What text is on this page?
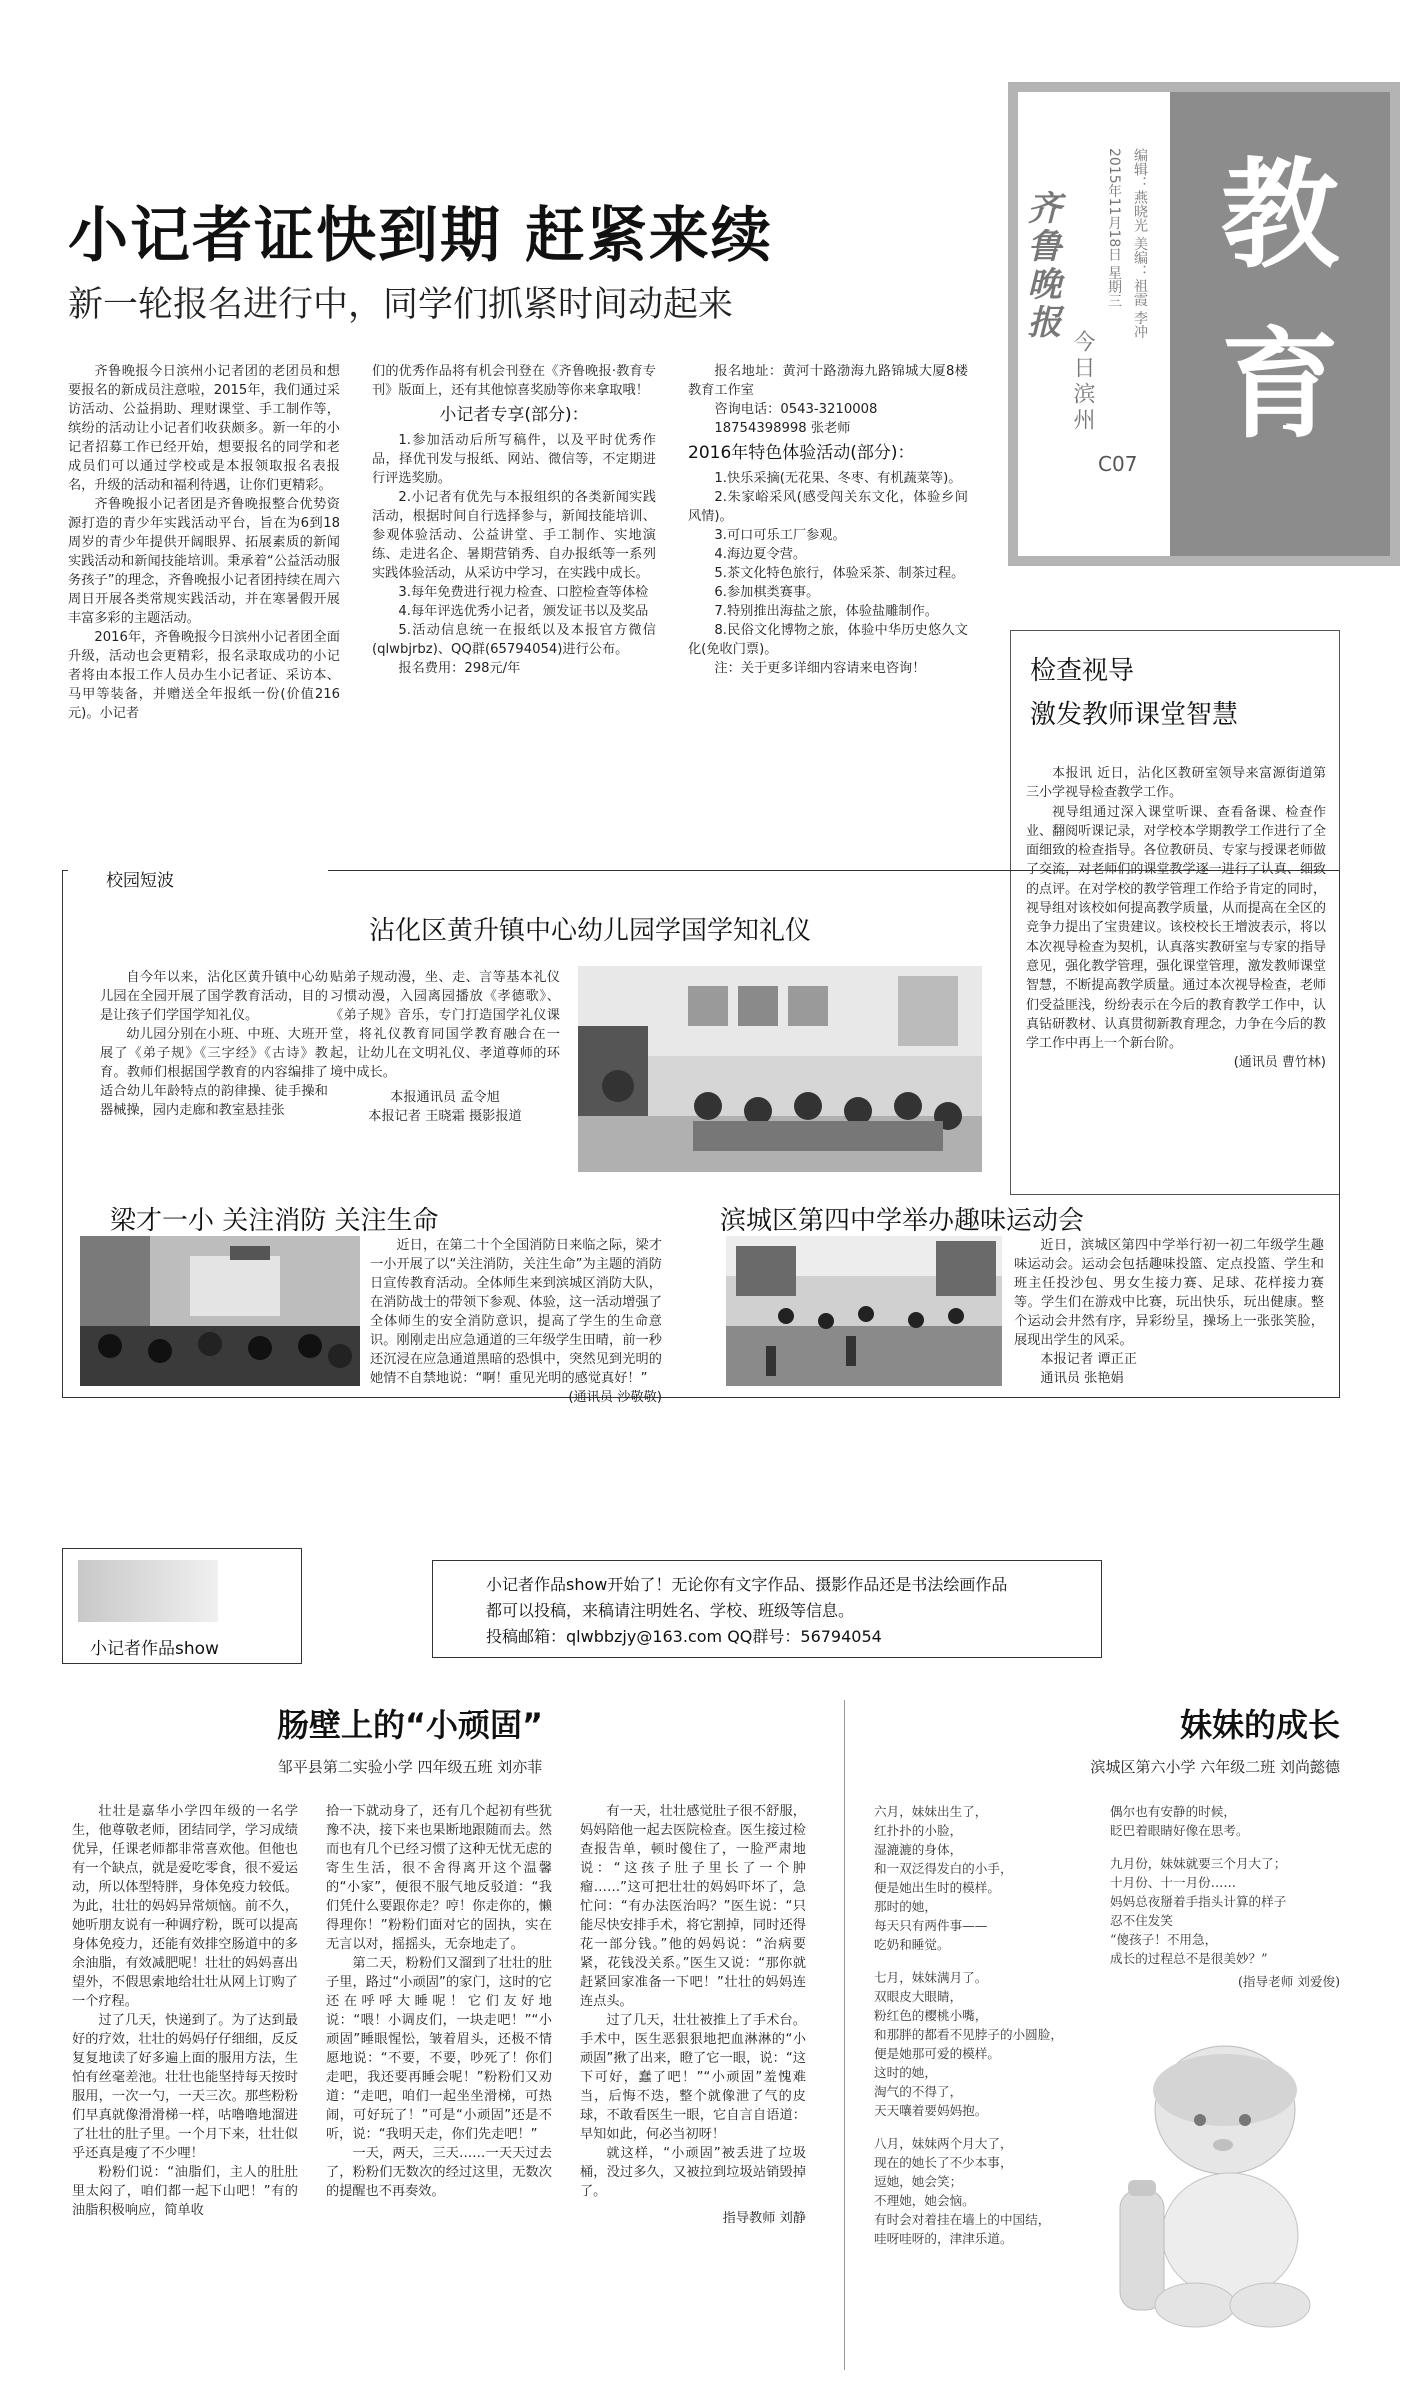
教
育
齐鲁晚报
今日滨州
2015年11月18日 星期三 编辑：燕晓光 美编：祖霞 李冲
C07
小记者证快到期 赶紧来续
新一轮报名进行中，同学们抓紧时间动起来

齐鲁晚报今日滨州小记者团的老团员和想要报名的新成员注意啦，2015年，我们通过采访活动、公益捐助、理财课堂、手工制作等，缤纷的活动让小记者们收获颇多。新一年的小记者招募工作已经开始，想要报名的同学和老成员们可以通过学校或是本报领取报名表报名，升级的活动和福利待遇，让你们更精彩。

齐鲁晚报小记者团是齐鲁晚报整合优势资源打造的青少年实践活动平台，旨在为6到18周岁的青少年提供开阔眼界、拓展素质的新闻实践活动和新闻技能培训。秉承着“公益活动服务孩子”的理念，齐鲁晚报小记者团持续在周六周日开展各类常规实践活动，并在寒暑假开展丰富多彩的主题活动。

2016年，齐鲁晚报今日滨州小记者团全面升级，活动也会更精彩，报名录取成功的小记者将由本报工作人员办生小记者证、采访本、马甲等装备，并赠送全年报纸一份(价值216元)。小记者

们的优秀作品将有机会刊登在《齐鲁晚报·教育专刊》版面上，还有其他惊喜奖励等你来拿取哦！

小记者专享(部分)：

1.参加活动后所写稿件，以及平时优秀作品，择优刊发与报纸、网站、微信等，不定期进行评选奖励。

2.小记者有优先与本报组织的各类新闻实践活动，根据时间自行选择参与，新闻技能培训、参观体验活动、公益讲堂、手工制作、实地演练、走进名企、暑期营销秀、自办报纸等一系列实践体验活动，从采访中学习，在实践中成长。

3.每年免费进行视力检查、口腔检查等体检

4.每年评选优秀小记者，颁发证书以及奖品

5.活动信息统一在报纸以及本报官方微信(qlwbjrbz)、QQ群(65794054)进行公布。

报名费用：298元/年

报名地址：黄河十路渤海九路锦城大厦8楼教育工作室

咨询电话：0543-3210008

18754398998 张老师

2016年特色体验活动(部分)：

1.快乐采摘(无花果、冬枣、有机蔬菜等)。

2.朱家峪采风(感受闯关东文化，体验乡间风情)。

3.可口可乐工厂参观。

4.海边夏令营。

5.茶文化特色旅行，体验采茶、制茶过程。

6.参加棋类赛事。

7.特别推出海盐之旅，体验盐雕制作。

8.民俗文化博物之旅，体验中华历史悠久文化(免收门票)。

注：关于更多详细内容请来电咨询！	检查视导
激发教师课堂智慧

本报讯 近日，沾化区教研室领导来富源街道第三小学视导检查教学工作。

视导组通过深入课堂听课、查看备课、检查作业、翻阅听课记录，对学校本学期教学工作进行了全面细致的检查指导。各位教研员、专家与授课老师做了交流，对老师们的课堂教学逐一进行了认真、细致的点评。在对学校的教学管理工作给予肯定的同时，视导组对该校如何提高教学质量，从而提高在全区的竞争力提出了宝贵建议。该校校长王增波表示，将以本次视导检查为契机，认真落实教研室与专家的指导意见，强化教学管理，强化课堂管理，激发教师课堂智慧，不断提高教学质量。通过本次视导检查，老师们受益匪浅，纷纷表示在今后的教育教学工作中，认真钻研教材、认真贯彻新教育理念，力争在今后的教学工作中再上一个新台阶。

(通讯员 曹竹林)

校园短波
沾化区黄升镇中心幼儿园学国学知礼仪

自今年以来，沾化区黄升镇中心幼儿园在全园开展了国学教育活动，目的是让孩子们学国学知礼仪。

幼儿园分别在小班、中班、大班开展了《弟子规》《三字经》《古诗》教育。教师们根据国学教育的内容编排了适合幼儿年龄特点的韵律操、徒手操和器械操，园内走廊和教室悬挂张

贴弟子规动漫，坐、走、言等基本礼仪习惯动漫，入园离园播放《孝德歌》、《弟子规》音乐，专门打造国学礼仪课堂，将礼仪教育同国学教育融合在一起，让幼儿在文明礼仪、孝道尊师的环境中成长。

本报通讯员 孟令旭

本报记者 王晓霜 摄影报道

梁才一小 关注消防 关注生命

近日，在第二十个全国消防日来临之际，梁才一小开展了以“关注消防，关注生命”为主题的消防日宣传教育活动。全体师生来到滨城区消防大队，在消防战士的带领下参观、体验，这一活动增强了全体师生的安全消防意识，提高了学生的生命意识。刚刚走出应急通道的三年级学生田晴，前一秒还沉浸在应急通道黑暗的恐惧中，突然见到光明的她情不自禁地说：“啊！重见光明的感觉真好！”

(通讯员 沙敬敬)

滨城区第四中学举办趣味运动会

近日，滨城区第四中学举行初一初二年级学生趣味运动会。运动会包括趣味投篮、定点投篮、学生和班主任投沙包、男女生接力赛、足球、花样接力赛等。学生们在游戏中比赛，玩出快乐，玩出健康。整个运动会井然有序，异彩纷呈，操场上一张张笑脸，展现出学生的风采。

本报记者 谭正正

通讯员 张艳娟

小记者作品show
小记者作品show开始了！无论你有文字作品、摄影作品还是书法绘画作品
都可以投稿，来稿请注明姓名、学校、班级等信息。
投稿邮箱：qlwbbzjy@163.com QQ群号：56794054
肠壁上的“小顽固”
邹平县第二实验小学 四年级五班 刘亦菲

壮壮是嘉华小学四年级的一名学生，他尊敬老师，团结同学，学习成绩优异，任课老师都非常喜欢他。但他也有一个缺点，就是爱吃零食，很不爱运动，所以体型特胖，身体免疫力较低。为此，壮壮的妈妈异常烦恼。前不久，她听朋友说有一种调疗粉，既可以提高身体免疫力，还能有效排空肠道中的多余油脂，有效减肥呢！壮壮的妈妈喜出望外，不假思索地给壮壮从网上订购了一个疗程。

过了几天，快递到了。为了达到最好的疗效，壮壮的妈妈仔仔细细，反反复复地读了好多遍上面的服用方法，生怕有丝毫差池。壮壮也能坚持每天按时服用，一次一勺，一天三次。那些粉粉们早真就像滑滑梯一样，咕噜噜地溜进了壮壮的肚子里。一个月下来，壮壮似乎还真是瘦了不少哩！

粉粉们说：“油脂们，主人的肚肚里太闷了，咱们都一起下山吧！”有的油脂积极响应，简单收

拾一下就动身了，还有几个起初有些犹豫不决，接下来也果断地跟随而去。然而也有几个已经习惯了这种无忧无虑的寄生生活，很不舍得离开这个温馨的“小家”，便很不服气地反驳道：“我们凭什么要跟你走？哼！你走你的，懒得理你！”粉粉们面对它的固执，实在无言以对，摇摇头，无奈地走了。

第二天，粉粉们又溜到了壮壮的肚子里，路过“小顽固”的家门，这时的它还在呼呼大睡呢！它们友好地说：“喂！小调皮们，一块走吧！”“小顽固”睡眼惺忪，皱着眉头，还极不情愿地说：“不要，不要，吵死了！你们走吧，我还要再睡会呢！”粉粉们又劝道：“走吧，咱们一起坐坐滑梯，可热闹，可好玩了！”可是“小顽固”还是不听，说：“我明天走，你们先走吧！”

一天，两天，三天……一天天过去了，粉粉们无数次的经过这里，无数次的提醒也不再奏效。

有一天，壮壮感觉肚子很不舒服，妈妈陪他一起去医院检查。医生接过检查报告单，顿时傻住了，一脸严肃地说：“这孩子肚子里长了一个肿瘤……”这可把壮壮的妈妈吓坏了，急忙问：“有办法医治吗？”医生说：“只能尽快安排手术，将它割掉，同时还得花一部分钱。”他的妈妈说：“治病要紧，花钱没关系。”医生又说：“那你就赶紧回家准备一下吧！”壮壮的妈妈连连点头。

过了几天，壮壮被推上了手术台。手术中，医生恶狠狠地把血淋淋的“小顽固”揪了出来，瞪了它一眼，说：“这下可好，蠢了吧！”“小顽固”羞愧难当，后悔不迭，整个就像泄了气的皮球，不敢看医生一眼，它自言自语道：早知如此，何必当初呀！

就这样，“小顽固”被丢进了垃圾桶，没过多久，又被拉到垃圾站销毁掉了。

指导教师 刘静

妹妹的成长
滨城区第六小学 六年级二班 刘尚懿德
六月，妹妹出生了，
红扑扑的小脸，
湿漉漉的身体，
和一双泛得发白的小手，
便是她出生时的模样。
那时的她，
每天只有两件事——
吃奶和睡觉。
七月，妹妹满月了。
双眼皮大眼睛，
粉红色的樱桃小嘴，
和那胖的都看不见脖子的小圆脸，
便是她那可爱的模样。
这时的她，
淘气的不得了，
天天嚷着要妈妈抱。
八月，妹妹两个月大了，
现在的她长了不少本事，
逗她，她会笑；
不理她，她会恼。
有时会对着挂在墙上的中国结，
哇呀哇呀的，津津乐道。
偶尔也有安静的时候，
眨巴着眼睛好像在思考。
九月份，妹妹就要三个月大了；
十月份、十一月份……
妈妈总夜掰着手指头计算的样子
忍不住发笑
“傻孩子！不用急，
成长的过程总不是很美妙？”
(指导老师 刘爱俊)
